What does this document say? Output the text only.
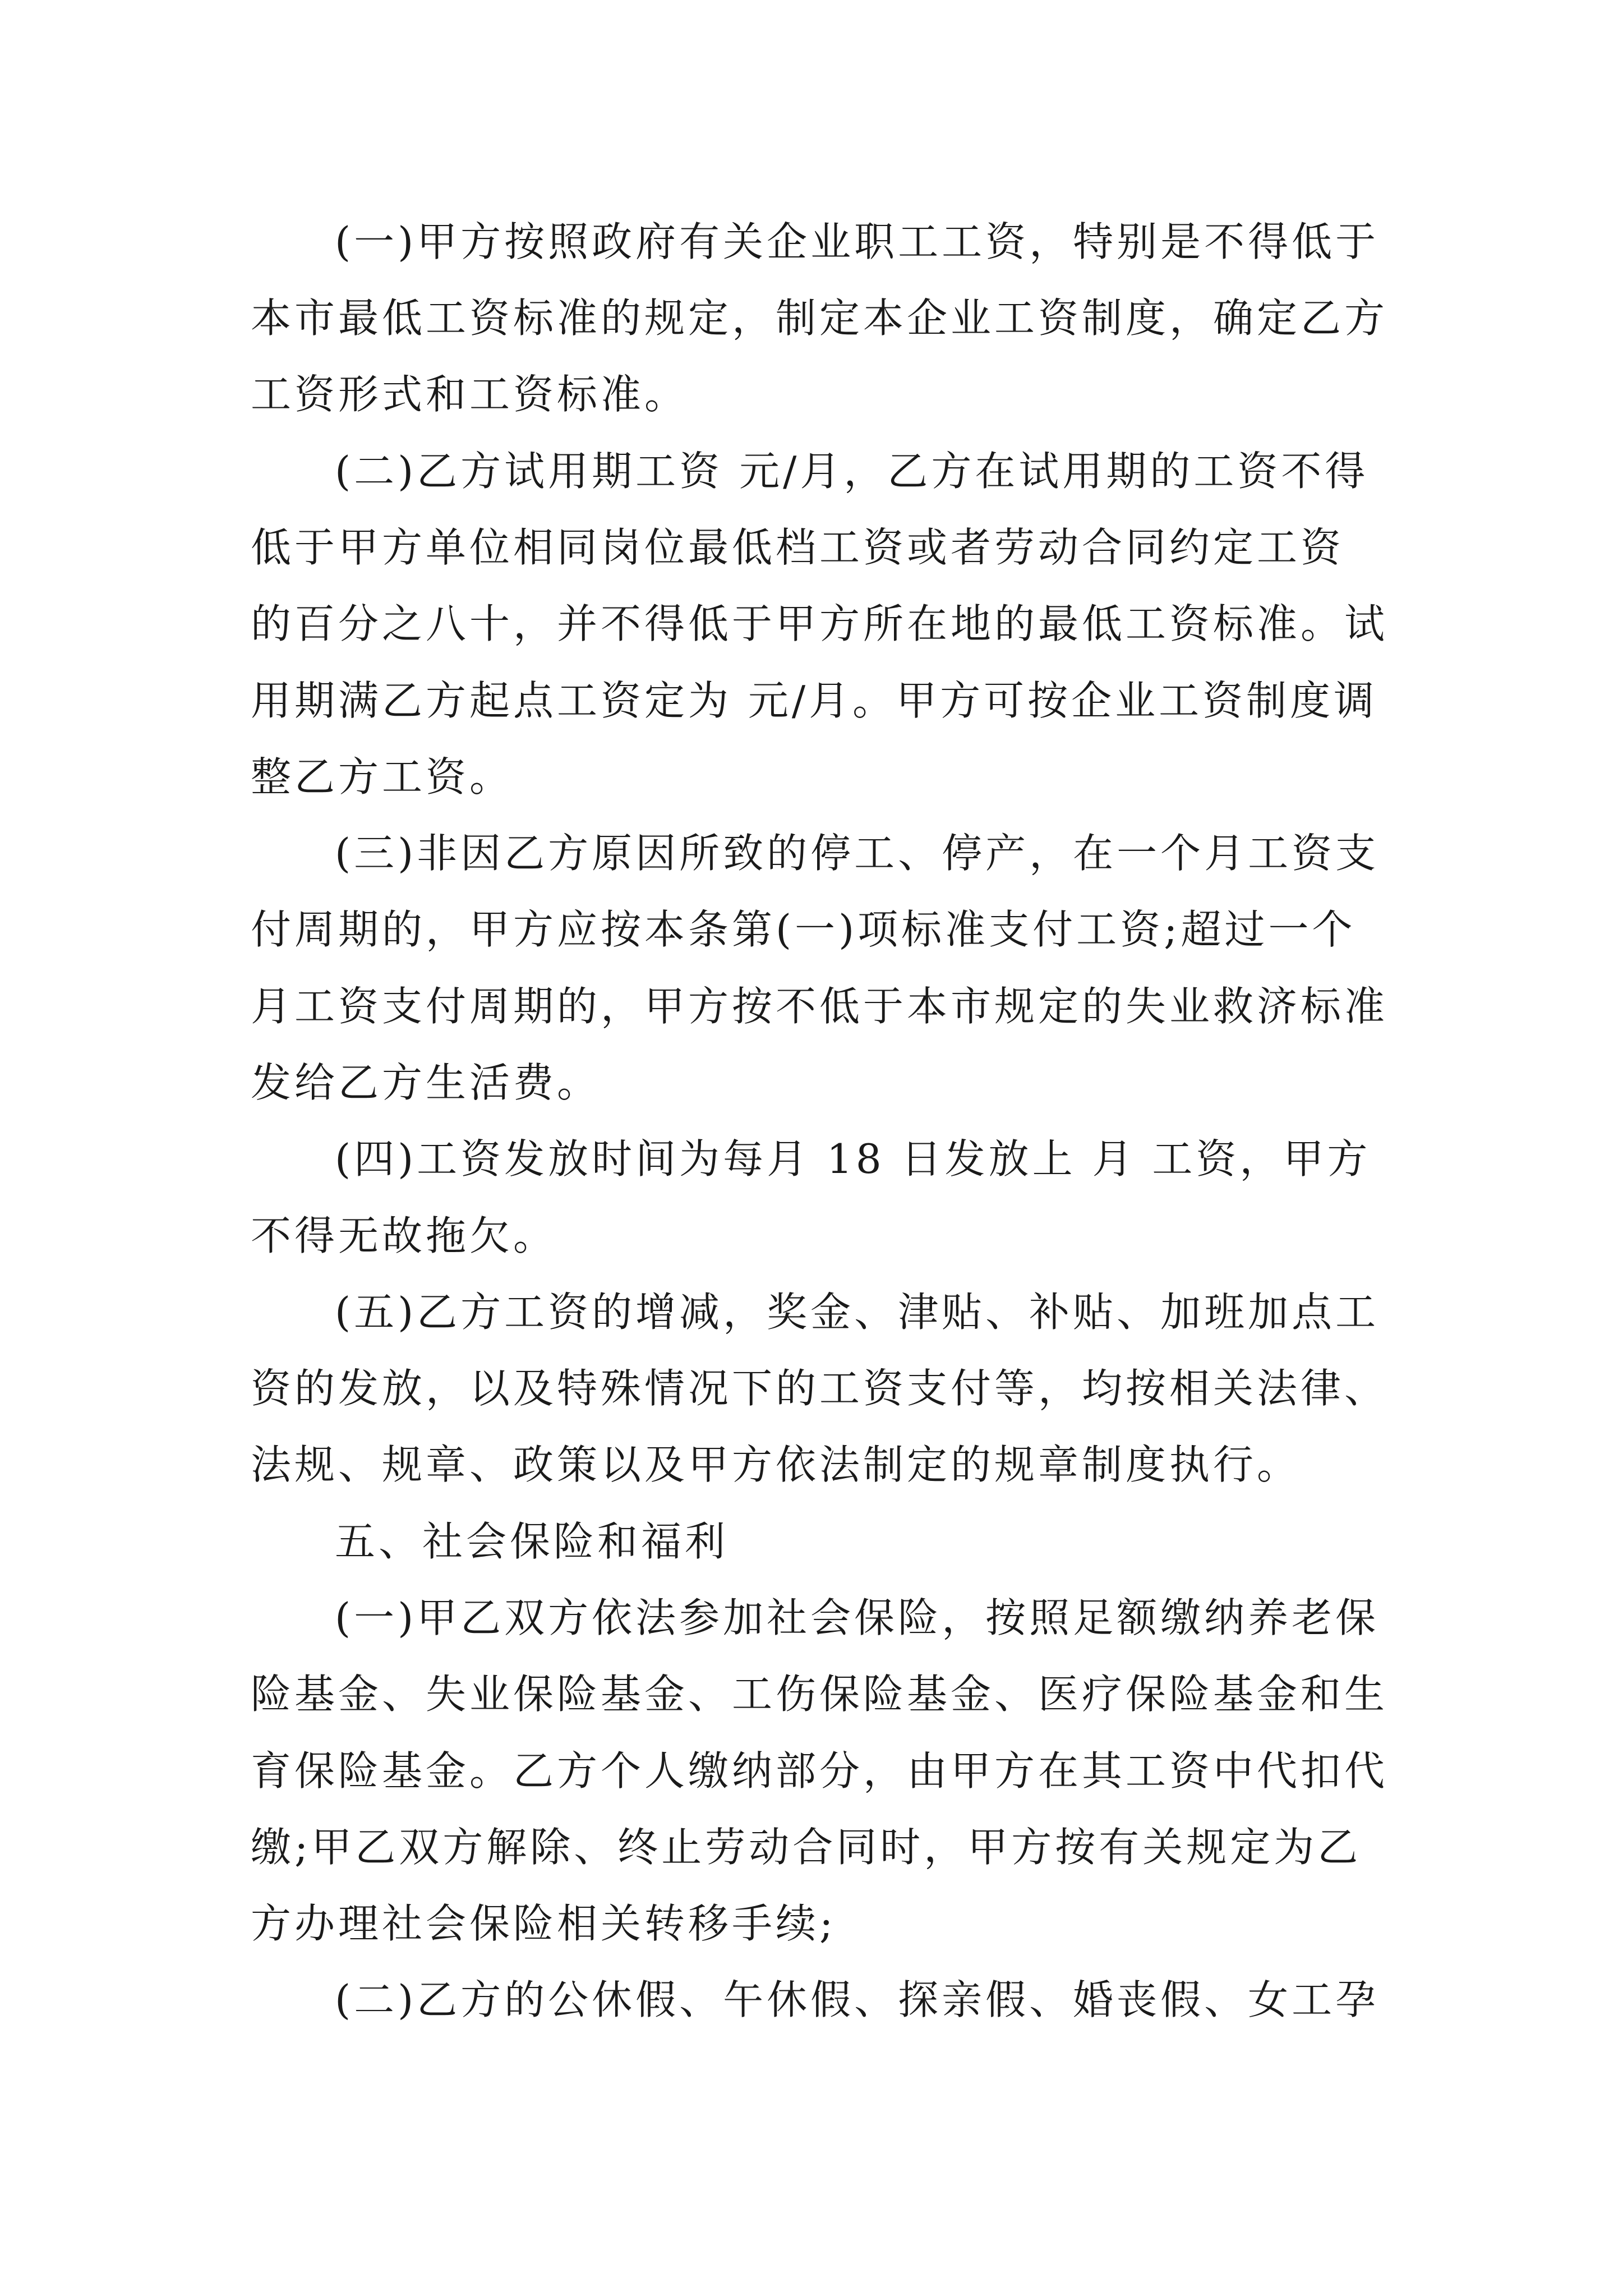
(一)甲方按照政府有关企业职工工资，特别是不得低于
本市最低工资标准的规定，制定本企业工资制度，确定乙方
工资形式和工资标准。
(二)乙方试用期工资 元/月，乙方在试用期的工资不得
低于甲方单位相同岗位最低档工资或者劳动合同约定工资
的百分之八十，并不得低于甲方所在地的最低工资标准。试
用期满乙方起点工资定为 元/月。甲方可按企业工资制度调
整乙方工资。
(三)非因乙方原因所致的停工、停产，在一个月工资支
付周期的，甲方应按本条第(一)项标准支付工资;超过一个
月工资支付周期的，甲方按不低于本市规定的失业救济标准
发给乙方生活费。
(四)工资发放时间为每月 18 日发放上 月 工资，甲方
不得无故拖欠。
(五)乙方工资的增减，奖金、津贴、补贴、加班加点工
资的发放，以及特殊情况下的工资支付等，均按相关法律、
法规、规章、政策以及甲方依法制定的规章制度执行。
五、社会保险和福利
(一)甲乙双方依法参加社会保险，按照足额缴纳养老保
险基金、失业保险基金、工伤保险基金、医疗保险基金和生
育保险基金。乙方个人缴纳部分，由甲方在其工资中代扣代
缴;甲乙双方解除、终止劳动合同时，甲方按有关规定为乙
方办理社会保险相关转移手续;
(二)乙方的公休假、午休假、探亲假、婚丧假、女工孕
